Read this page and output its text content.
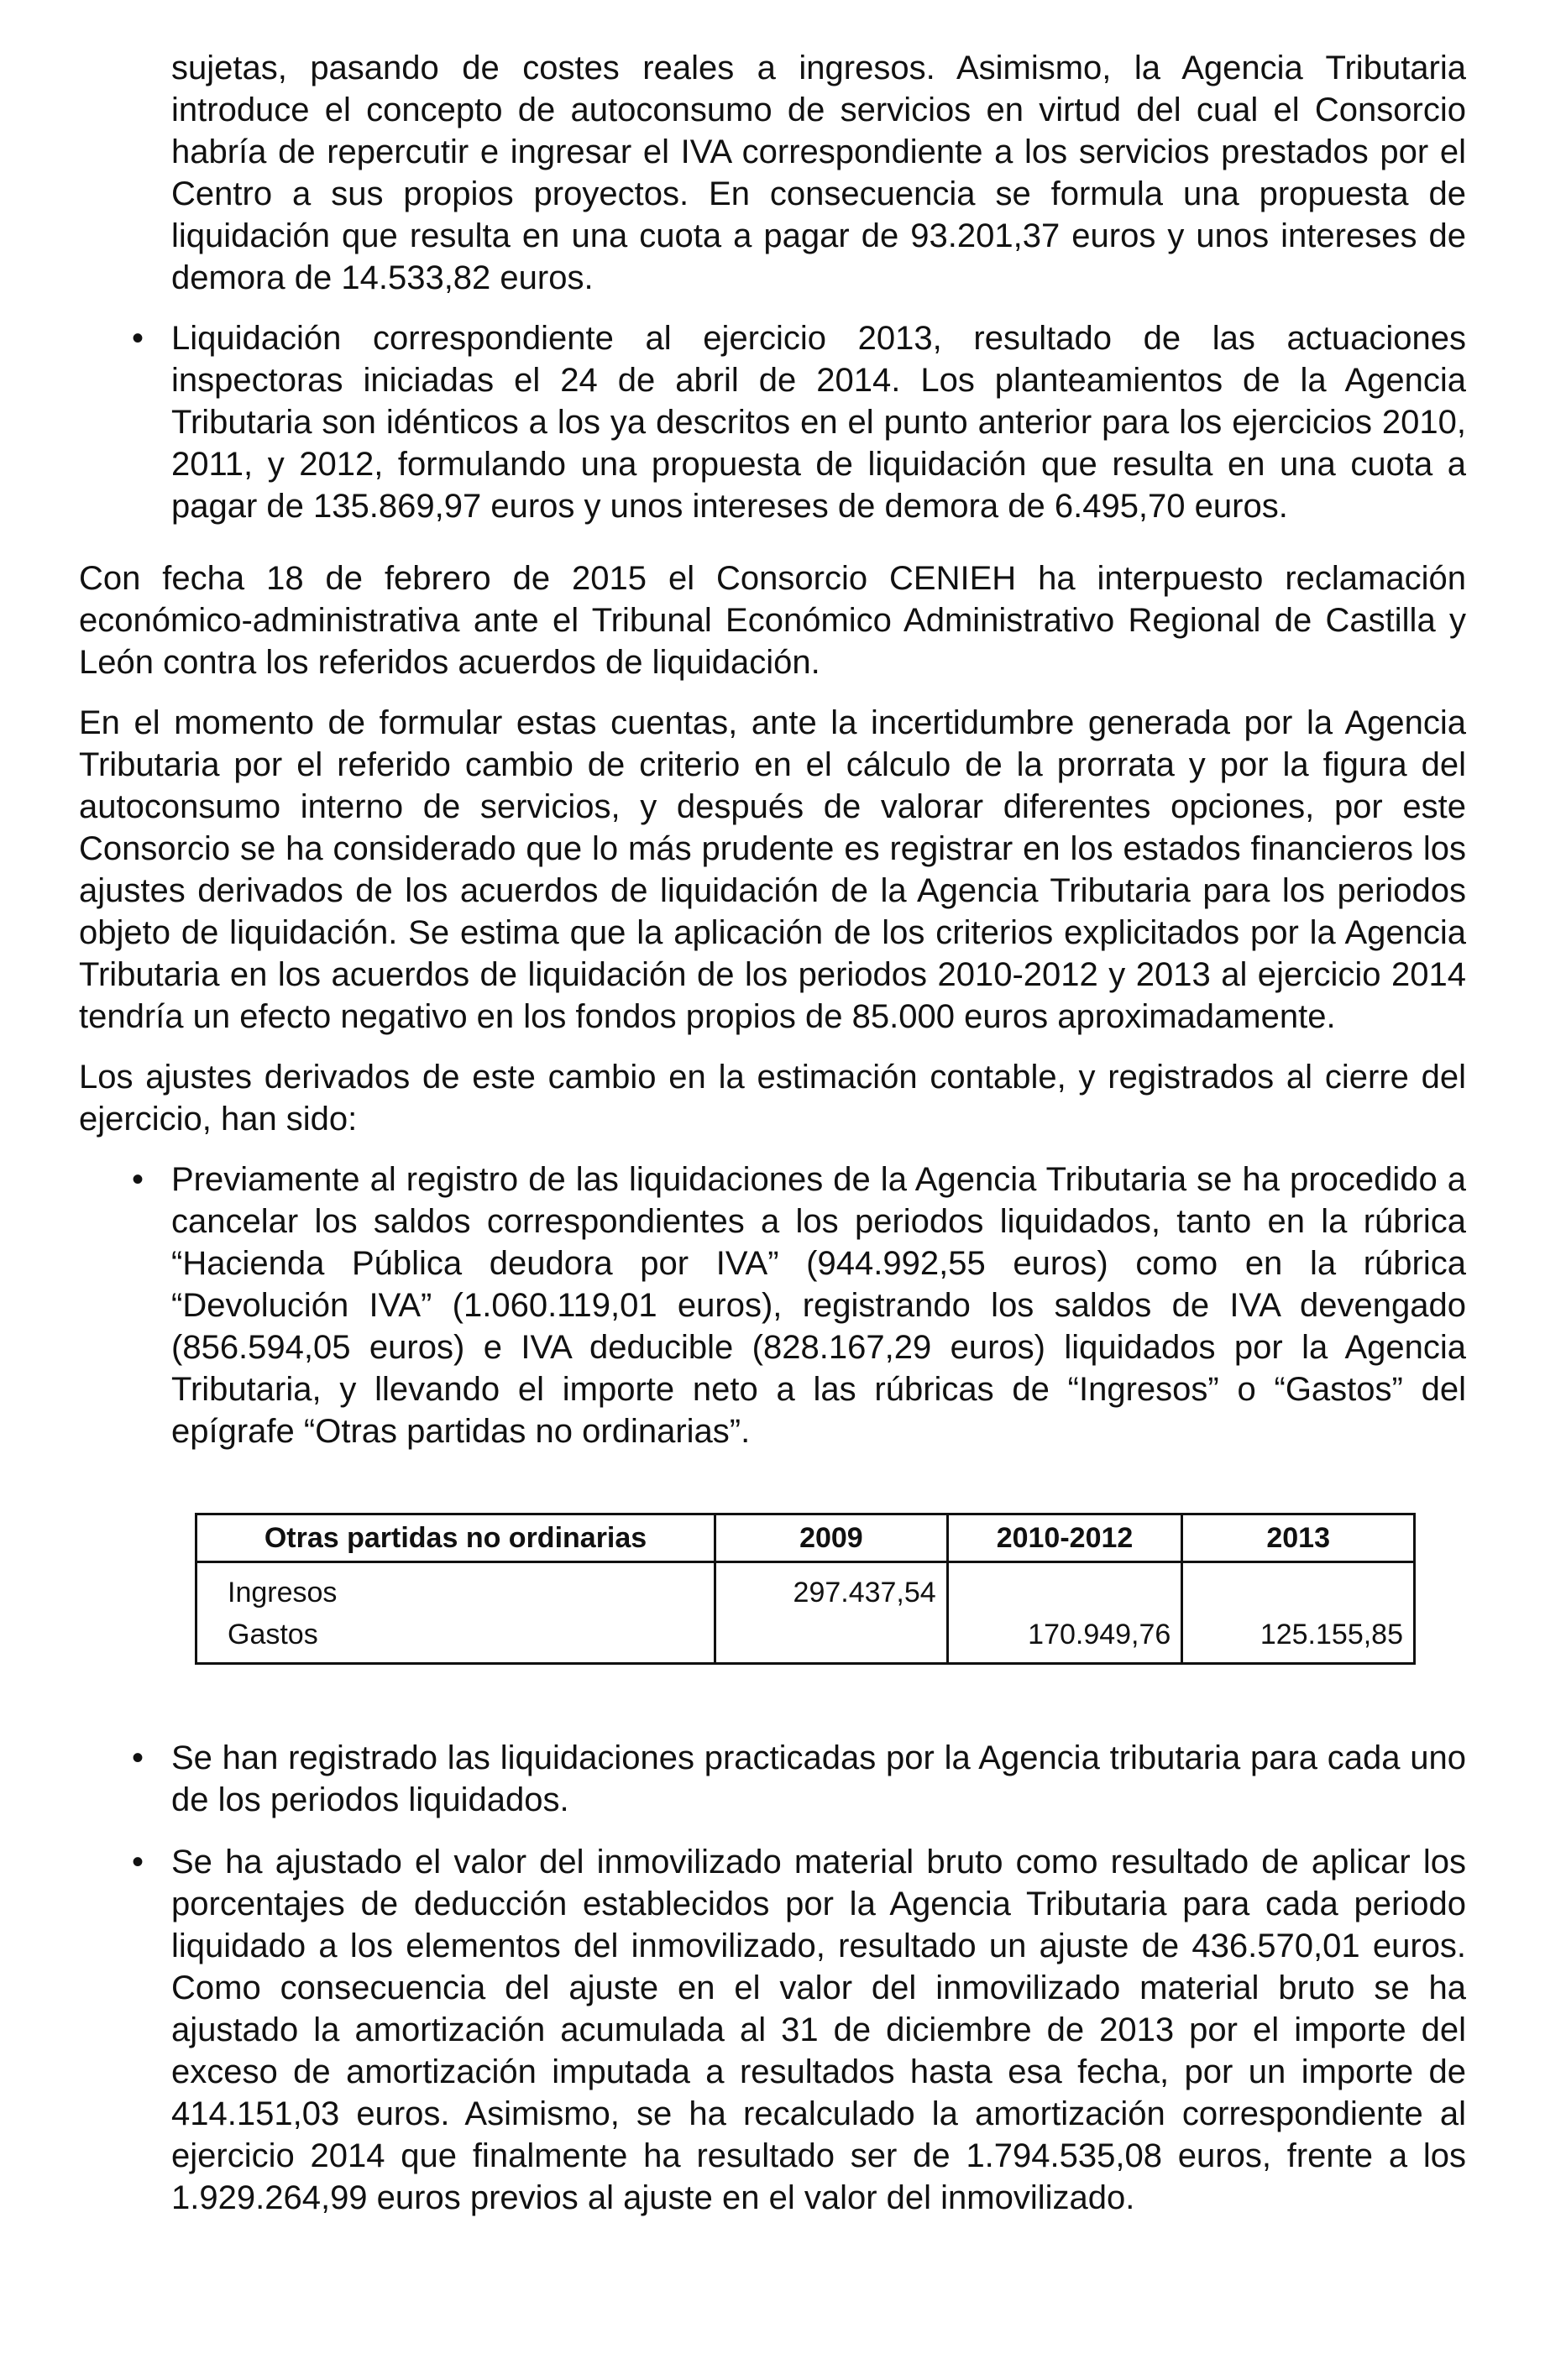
sujetas, pasando de costes reales a ingresos. Asimismo, la Agencia Tributaria introduce el concepto de autoconsumo de servicios en virtud del cual el Consorcio habría de repercutir e ingresar el IVA correspondiente a los servicios prestados por el Centro a sus propios proyectos. En consecuencia se formula una propuesta de liquidación que resulta en una cuota a pagar de 93.201,37 euros y unos intereses de demora de 14.533,82 euros.

• Liquidación correspondiente al ejercicio 2013, resultado de las actuaciones inspectoras iniciadas el 24 de abril de 2014. Los planteamientos de la Agencia Tributaria son idénticos a los ya descritos en el punto anterior para los ejercicios 2010, 2011, y 2012, formulando una propuesta de liquidación que resulta en una cuota a pagar de 135.869,97 euros y unos intereses de demora de 6.495,70 euros.

Con fecha 18 de febrero de 2015 el Consorcio CENIEH ha interpuesto reclamación económico-administrativa ante el Tribunal Económico Administrativo Regional de Castilla y León contra los referidos acuerdos de liquidación.

En el momento de formular estas cuentas, ante la incertidumbre generada por la Agencia Tributaria por el referido cambio de criterio en el cálculo de la prorrata y por la figura del autoconsumo interno de servicios, y después de valorar diferentes opciones, por este Consorcio se ha considerado que lo más prudente es registrar en los estados financieros los ajustes derivados de los acuerdos de liquidación de la Agencia Tributaria para los periodos objeto de liquidación. Se estima que la aplicación de los criterios explicitados por la Agencia Tributaria en los acuerdos de liquidación de los periodos 2010-2012 y 2013 al ejercicio 2014 tendría un efecto negativo en los fondos propios de 85.000 euros aproximadamente.

Los ajustes derivados de este cambio en la estimación contable, y registrados al cierre del ejercicio, han sido:

• Previamente al registro de las liquidaciones de la Agencia Tributaria se ha procedido a cancelar los saldos correspondientes a los periodos liquidados, tanto en la rúbrica “Hacienda Pública deudora por IVA” (944.992,55 euros) como en la rúbrica “Devolución IVA” (1.060.119,01 euros), registrando los saldos de IVA devengado (856.594,05 euros) e IVA deducible (828.167,29 euros) liquidados por la Agencia Tributaria, y llevando el importe neto a las rúbricas de “Ingresos” o “Gastos” del epígrafe “Otras partidas no ordinarias”.

Otras partidas no ordinarias	2009	2010-2012	2013
Ingresos	297.437,54		
Gastos		170.949,76	125.155,85
• Se han registrado las liquidaciones practicadas por la Agencia tributaria para cada uno de los periodos liquidados.

• Se ha ajustado el valor del inmovilizado material bruto como resultado de aplicar los porcentajes de deducción establecidos por la Agencia Tributaria para cada periodo liquidado a los elementos del inmovilizado, resultado un ajuste de 436.570,01 euros. Como consecuencia del ajuste en el valor del inmovilizado material bruto se ha ajustado la amortización acumulada al 31 de diciembre de 2013 por el importe del exceso de amortización imputada a resultados hasta esa fecha, por un importe de 414.151,03 euros. Asimismo, se ha recalculado la amortización correspondiente al ejercicio 2014 que finalmente ha resultado ser de 1.794.535,08 euros, frente a los 1.929.264,99 euros previos al ajuste en el valor del inmovilizado.
